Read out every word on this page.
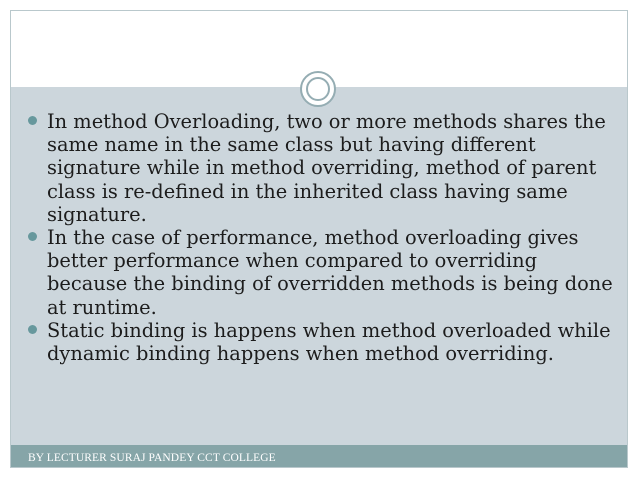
In method Overloading, two or more methods shares the same name in the same class but having different signature while in method overriding, method of parent class is re-defined in the inherited class having same signature.
In the case of performance, method overloading gives better performance when compared to overriding because the binding of overridden methods is being done at runtime.
Static binding is happens when method overloaded while dynamic binding happens when method overriding.
BY LECTURER SURAJ PANDEY CCT COLLEGE
